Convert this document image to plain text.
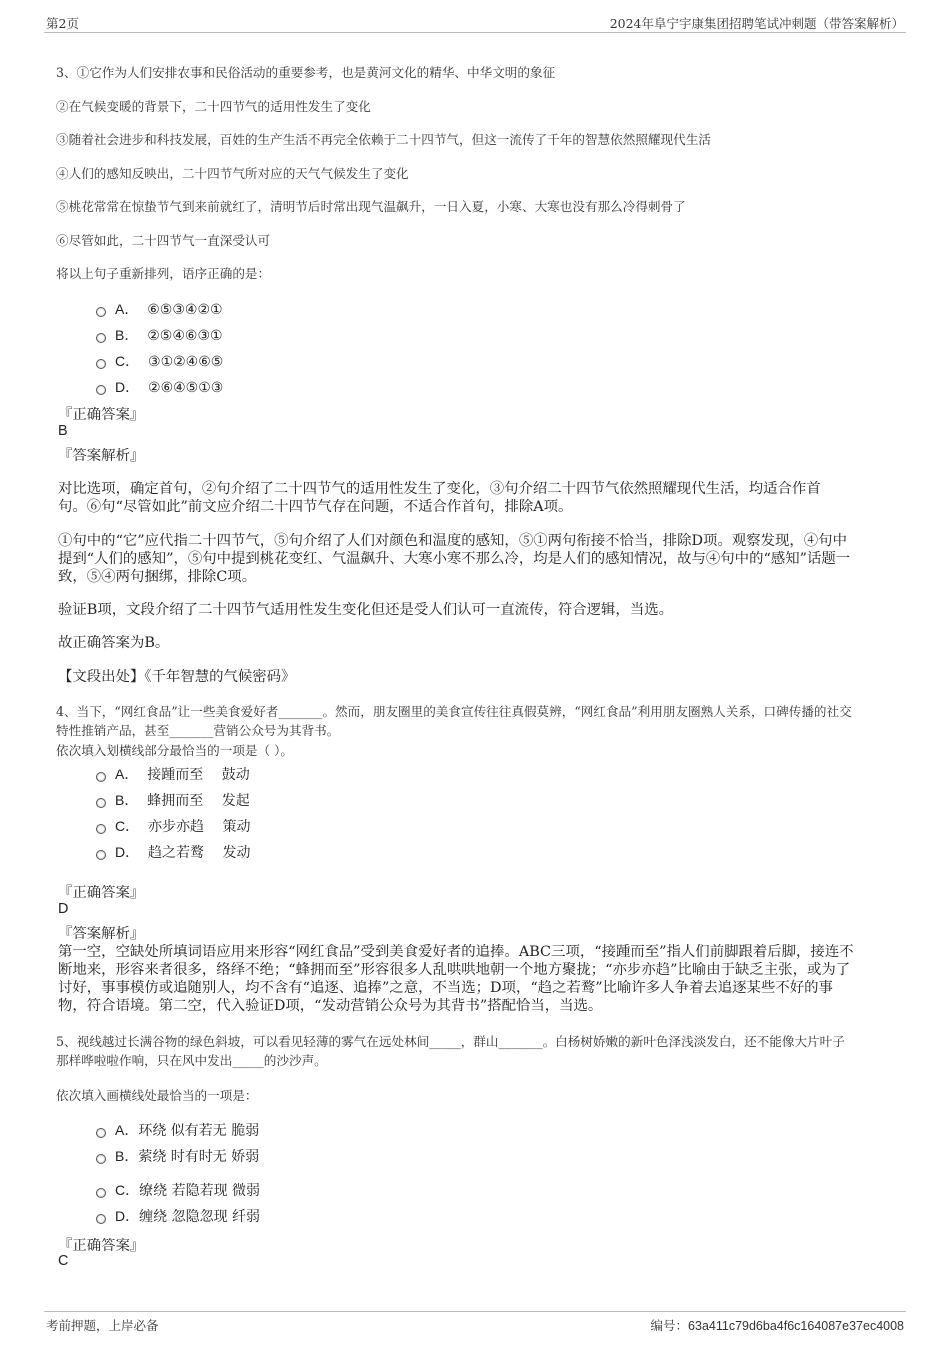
第2页	2024年阜宁宇康集团招聘笔试冲刺题（带答案解析）
3、①它作为人们安排农事和民俗活动的重要参考，也是黄河文化的精华、中华文明的象征
②在气候变暖的背景下，二十四节气的适用性发生了变化
③随着社会进步和科技发展，百姓的生产生活不再完全依赖于二十四节气，但这一流传了千年的智慧依然照耀现代生活
④人们的感知反映出，二十四节气所对应的天气气候发生了变化
⑤桃花常常在惊蛰节气到来前就红了，清明节后时常出现气温飙升，一日入夏，小寒、大寒也没有那么冷得刺骨了
⑥尽管如此，二十四节气一直深受认可
将以上句子重新排列，语序正确的是：
A． ⑥⑤③④②①
B． ②⑤④⑥③①
C． ③①②④⑥⑤
D． ②⑥④⑤①③
『正确答案』
B
『答案解析』
对比选项，确定首句，②句介绍了二十四节气的适用性发生了变化，③句介绍二十四节气依然照耀现代生活，均适合作首
句。⑥句“尽管如此”前文应介绍二十四节气存在问题，不适合作首句，排除A项。
①句中的“它”应代指二十四节气，⑤句介绍了人们对颜色和温度的感知，⑤①两句衔接不恰当，排除D项。观察发现，④句中
提到“人们的感知”，⑤句中提到桃花变红、气温飙升、大寒小寒不那么冷，均是人们的感知情况，故与④句中的“感知”话题一
致，⑤④两句捆绑，排除C项。
验证B项，文段介绍了二十四节气适用性发生变化但还是受人们认可一直流传，符合逻辑，当选。
故正确答案为B。
【文段出处】《千年智慧的气候密码》
4、当下，“网红食品”让一些美食爱好者_______。然而，朋友圈里的美食宣传往往真假莫辨，“网红食品”利用朋友圈熟人关系，口碑传播的社交
特性推销产品，甚至_______营销公众号为其背书。
依次填入划横线部分最恰当的一项是（ ）。
A． 接踵而至　 鼓动
B． 蜂拥而至　 发起
C． 亦步亦趋　 策动
D． 趋之若鹜　 发动
『正确答案』
D
『答案解析』
第一空，空缺处所填词语应用来形容“网红食品”受到美食爱好者的追捧。ABC三项，“接踵而至”指人们前脚跟着后脚，接连不
断地来，形容来者很多，络绎不绝；“蜂拥而至”形容很多人乱哄哄地朝一个地方聚拢；“亦步亦趋”比喻由于缺乏主张，或为了
讨好，事事模仿或追随别人，均不含有“追逐、追捧”之意，不当选；D项，“趋之若鹜”比喻许多人争着去追逐某些不好的事
物，符合语境。第二空，代入验证D项，“发动营销公众号为其背书”搭配恰当，当选。
5、视线越过长满谷物的绿色斜坡，可以看见轻薄的雾气在远处林间_____，群山_______。白杨树娇嫩的新叶色泽浅淡发白，还不能像大片叶子
那样哗啦啦作响，只在风中发出_____的沙沙声。
依次填入画横线处最恰当的一项是：
A．环绕 似有若无 脆弱
B．萦绕 时有时无 娇弱
C．缭绕 若隐若现 微弱
D．缠绕 忽隐忽现 纤弱
『正确答案』
C
考前押题，上岸必备	编号：63a411c79d6ba4f6c164087e37ec4008
